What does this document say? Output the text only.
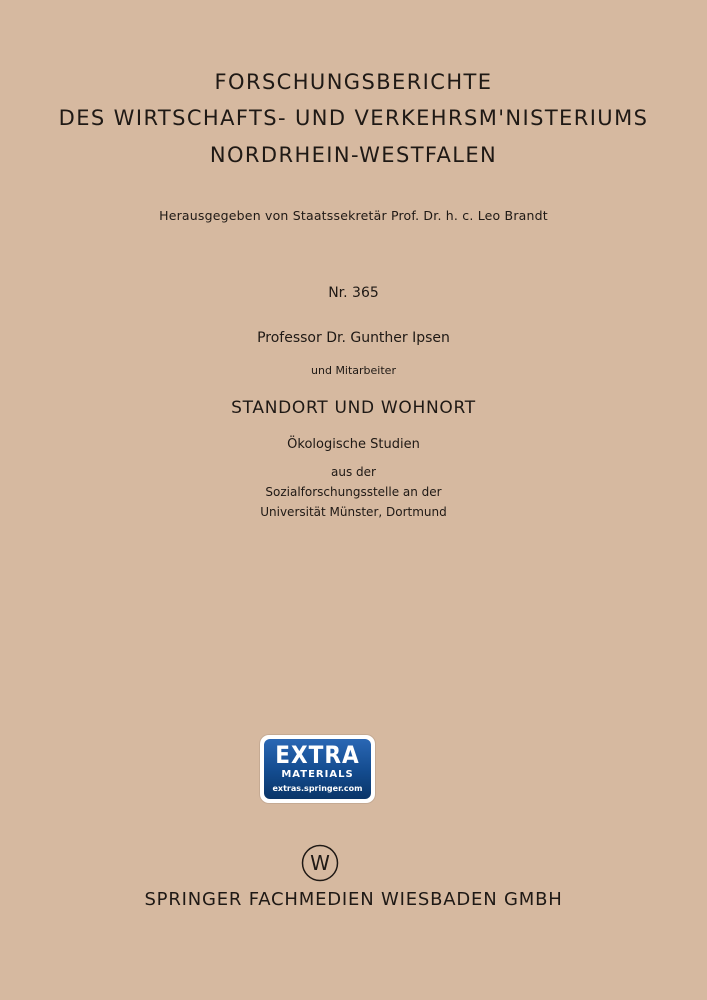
FORSCHUNGSBERICHTE
DES WIRTSCHAFTS- UND VERKEHRSM'NISTERIUMS
NORDRHEIN-WESTFALEN
Herausgegeben von Staatssekretär Prof. Dr. h. c. Leo Brandt
Nr. 365
Professor Dr. Gunther Ipsen
und Mitarbeiter
STANDORT UND WOHNORT
Ökologische Studien
aus der
Sozialforschungsstelle an der
Universität Münster, Dortmund
EXTRA
MATERIALS
extras.springer.com
W
SPRINGER FACHMEDIEN WIESBADEN GMBH
